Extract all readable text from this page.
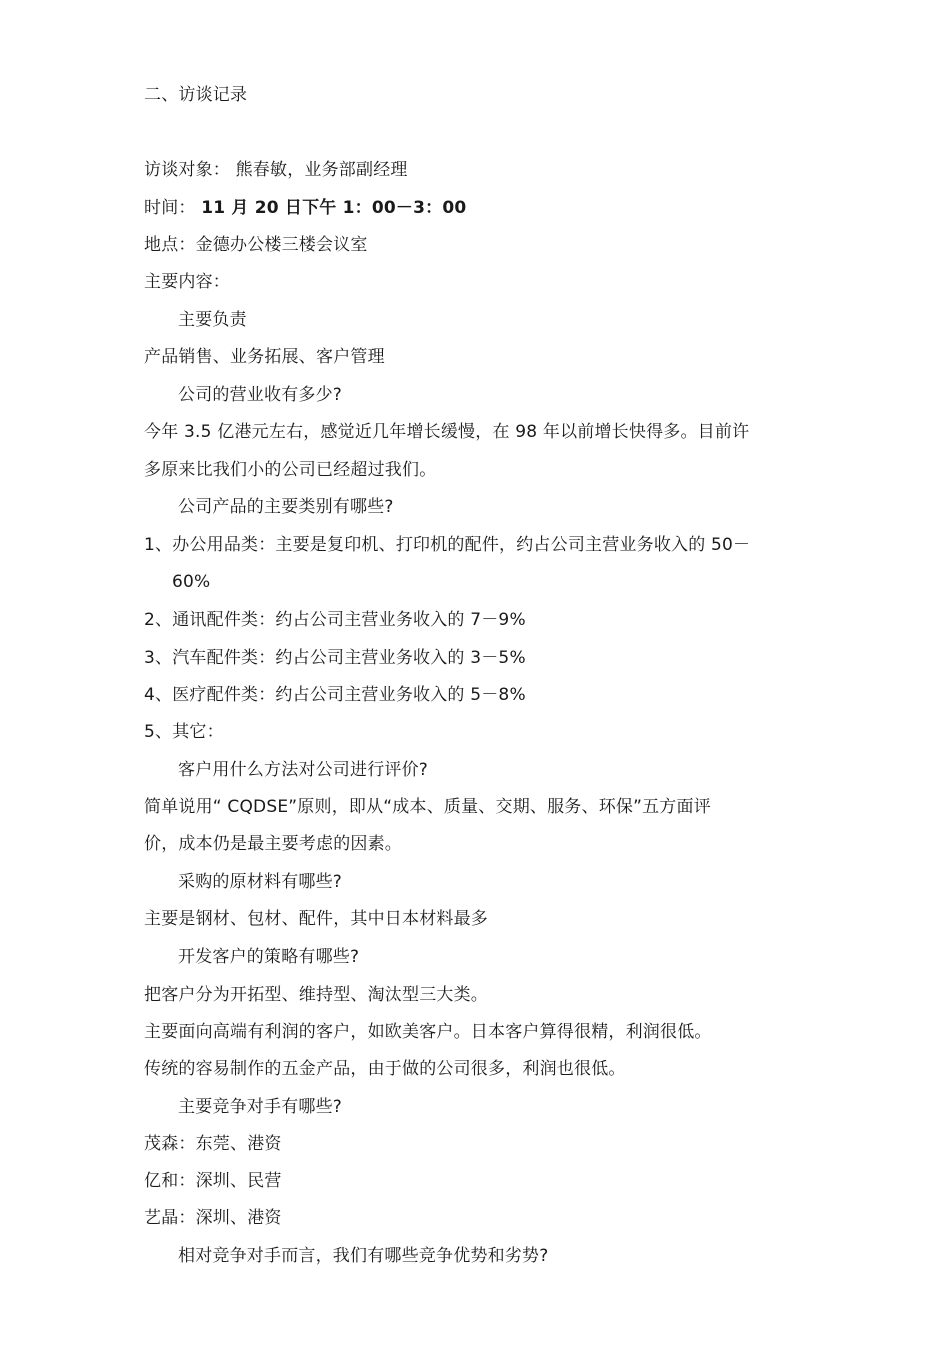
二、访谈记录
访谈对象： 熊春敏，业务部副经理
时间： 11 月 20 日下午 1：00－3：00
地点：金德办公楼三楼会议室
主要内容：
主要负责
产品销售、业务拓展、客户管理
公司的营业收有多少?
今年 3.5 亿港元左右，感觉近几年增长缓慢，在 98 年以前增长快得多。目前许
多原来比我们小的公司已经超过我们。
公司产品的主要类别有哪些?
1、办公用品类：主要是复印机、打印机的配件，约占公司主营业务收入的 50－
60%
2、通讯配件类：约占公司主营业务收入的 7－9%
3、汽车配件类：约占公司主营业务收入的 3－5%
4、医疗配件类：约占公司主营业务收入的 5－8%
5、其它：
客户用什么方法对公司进行评价?
简单说用“ CQDSE”原则，即从“成本、质量、交期、服务、环保”五方面评
价，成本仍是最主要考虑的因素。
采购的原材料有哪些?
主要是钢材、包材、配件，其中日本材料最多
开发客户的策略有哪些?
把客户分为开拓型、维持型、淘汰型三大类。
主要面向高端有利润的客户，如欧美客户。日本客户算得很精，利润很低。
传统的容易制作的五金产品，由于做的公司很多，利润也很低。
主要竞争对手有哪些?
茂森：东莞、港资
亿和：深圳、民营
艺晶：深圳、港资
相对竞争对手而言，我们有哪些竞争优势和劣势?
